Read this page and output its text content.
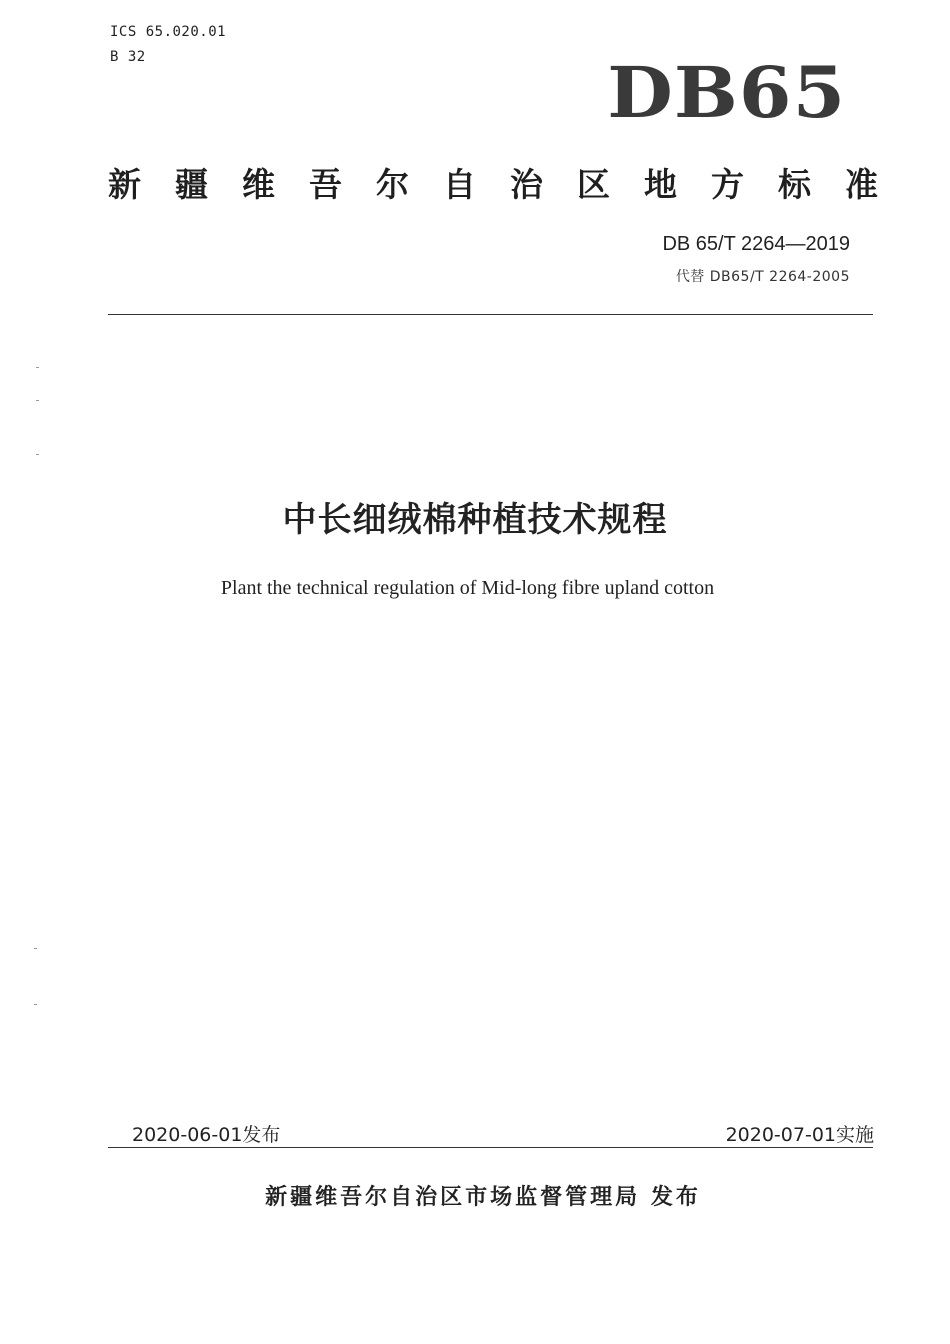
ICS 65.020.01
B 32	DB65
新 疆 维 吾 尔 自 治 区 地 方 标 准
DB 65/T 2264—2019
代替 DB65/T 2264-2005
中长细绒棉种植技术规程
Plant the technical regulation of Mid-long fibre upland cotton
2020-06-01发布	2020-07-01实施
新疆维吾尔自治区市场监督管理局 发布
